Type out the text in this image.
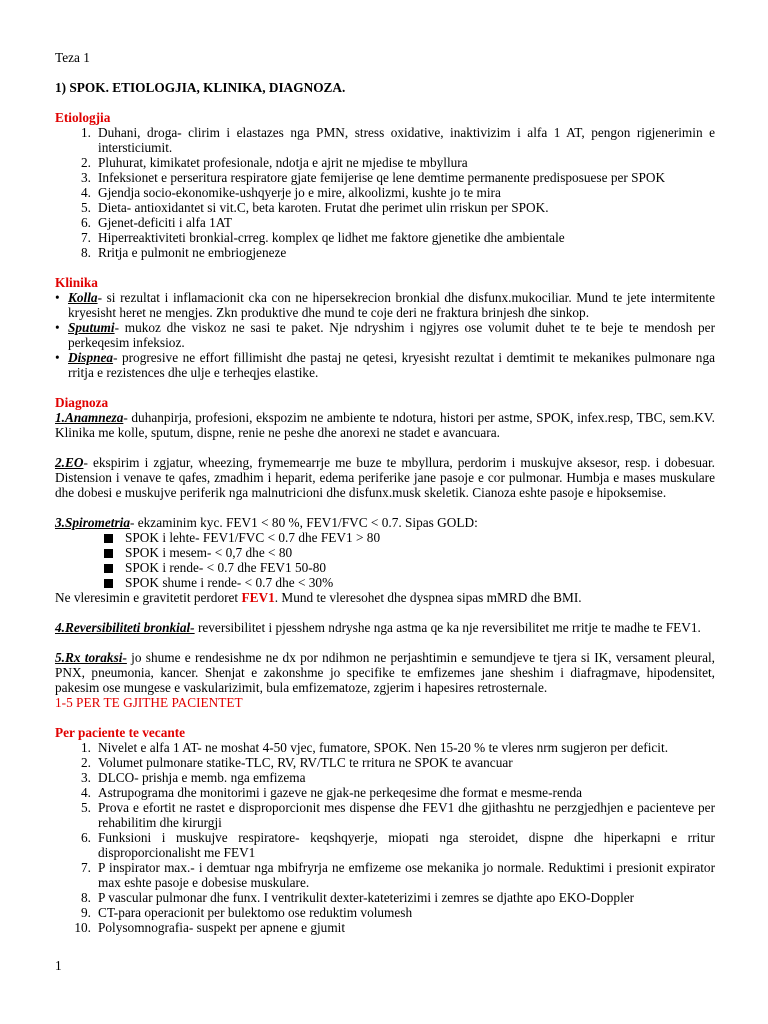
Teza 1

1) SPOK. ETIOLOGJIA, KLINIKA, DIAGNOZA.

Etiologjia

1. Duhani, droga- clirim i elastazes nga PMN, stress oxidative, inaktivizim i alfa 1 AT, pengon rigjenerimin e intersticiumit.
2. Pluhurat, kimikatet profesionale, ndotja e ajrit ne mjedise te mbyllura
3. Infeksionet e perseritura respiratore gjate femijerise qe lene demtime permanente predisposuese per SPOK
4. Gjendja socio-ekonomike-ushqyerje jo e mire, alkoolizmi, kushte jo te mira
5. Dieta- antioxidantet si vit.C, beta karoten. Frutat dhe perimet ulin rriskun per SPOK.
6. Gjenet-deficiti i alfa 1AT
7. Hiperreaktiviteti bronkial-crreg. komplex qe lidhet me faktore gjenetike dhe ambientale
8. Rritja e pulmonit ne embriogjeneze

Klinika

• Kolla- si rezultat i inflamacionit cka con ne hipersekrecion bronkial dhe disfunx.mukociliar. Mund te jete intermitente kryesisht heret ne mengjes. Zkn produktive dhe mund te coje deri ne fraktura brinjesh dhe sinkop.
• Sputumi- mukoz dhe viskoz ne sasi te paket. Nje ndryshim i ngjyres ose volumit duhet te te beje te mendosh per perkeqesim infeksioz.
• Dispnea- progresive ne effort fillimisht dhe pastaj ne qetesi, kryesisht rezultat i demtimit te mekanikes pulmonare nga rritja e rezistences dhe ulje e terheqjes elastike.

Diagnoza

1.Anamneza- duhanpirja, profesioni, ekspozim ne ambiente te ndotura, histori per astme, SPOK, infex.resp, TBC, sem.KV. Klinika me kolle, sputum, dispne, renie ne peshe dhe anorexi ne stadet e avancuara.

2.EO- ekspirim i zgjatur, wheezing, frymemearrje me buze te mbyllura, perdorim i muskujve aksesor, resp. i dobesuar. Distension i venave te qafes, zmadhim i heparit, edema periferike jane pasoje e cor pulmonar. Humbja e mases muskulare dhe dobesi e muskujve periferik nga malnutricioni dhe disfunx.musk skeletik. Cianoza eshte pasoje e hipoksemise.

3.Spirometria- ekzaminim kyc. FEV1 < 80 %, FEV1/FVC < 0.7. Sipas GOLD:

SPOK i lehte- FEV1/FVC < 0.7 dhe FEV1 > 80
SPOK i mesem- < 0,7 dhe < 80
SPOK i rende- < 0.7 dhe FEV1 50-80
SPOK shume i rende- < 0.7 dhe < 30%

Ne vleresimin e gravitetit perdoret FEV1. Mund te vleresohet dhe dyspnea sipas mMRD dhe BMI.

4.Reversibiliteti bronkial- reversibilitet i pjesshem ndryshe nga astma qe ka nje reversibilitet me rritje te madhe te FEV1.

5.Rx toraksi- jo shume e rendesishme ne dx por ndihmon ne perjashtimin e semundjeve te tjera si IK, versament pleural, PNX, pneumonia, kancer. Shenjat e zakonshme jo specifike te emfizemes jane sheshim i diafragmave, hipodensitet, pakesim ose mungese e vaskularizimit, bula emfizematoze, zgjerim i hapesires retrosternale.

1-5 PER TE GJITHE PACIENTET

Per paciente te vecante

1. Nivelet e alfa 1 AT- ne moshat 4-50 vjec, fumatore, SPOK. Nen 15-20 % te vleres nrm sugjeron per deficit.
2. Volumet pulmonare statike-TLC, RV, RV/TLC te rritura ne SPOK te avancuar
3. DLCO- prishja e memb. nga emfizema
4. Astrupograma dhe monitorimi i gazeve ne gjak-ne perkeqesime dhe format e mesme-renda
5. Prova e efortit ne rastet e disproporcionit mes dispense dhe FEV1 dhe gjithashtu ne perzgjedhjen e pacienteve per rehabilitim dhe kirurgji
6. Funksioni i muskujve respiratore- keqshqyerje, miopati nga steroidet, dispne dhe hiperkapni e rritur disproporcionalisht me FEV1
7. P inspirator max.- i demtuar nga mbifryrja ne emfizeme ose mekanika jo normale. Reduktimi i presionit expirator max eshte pasoje e dobesise muskulare.
8. P vascular pulmonar dhe funx. I ventrikulit dexter-kateterizimi i zemres se djathte apo EKO-Doppler
9. CT-para operacionit per bulektomo ose reduktim volumesh
10. Polysomnografia- suspekt per apnene e gjumit
1
